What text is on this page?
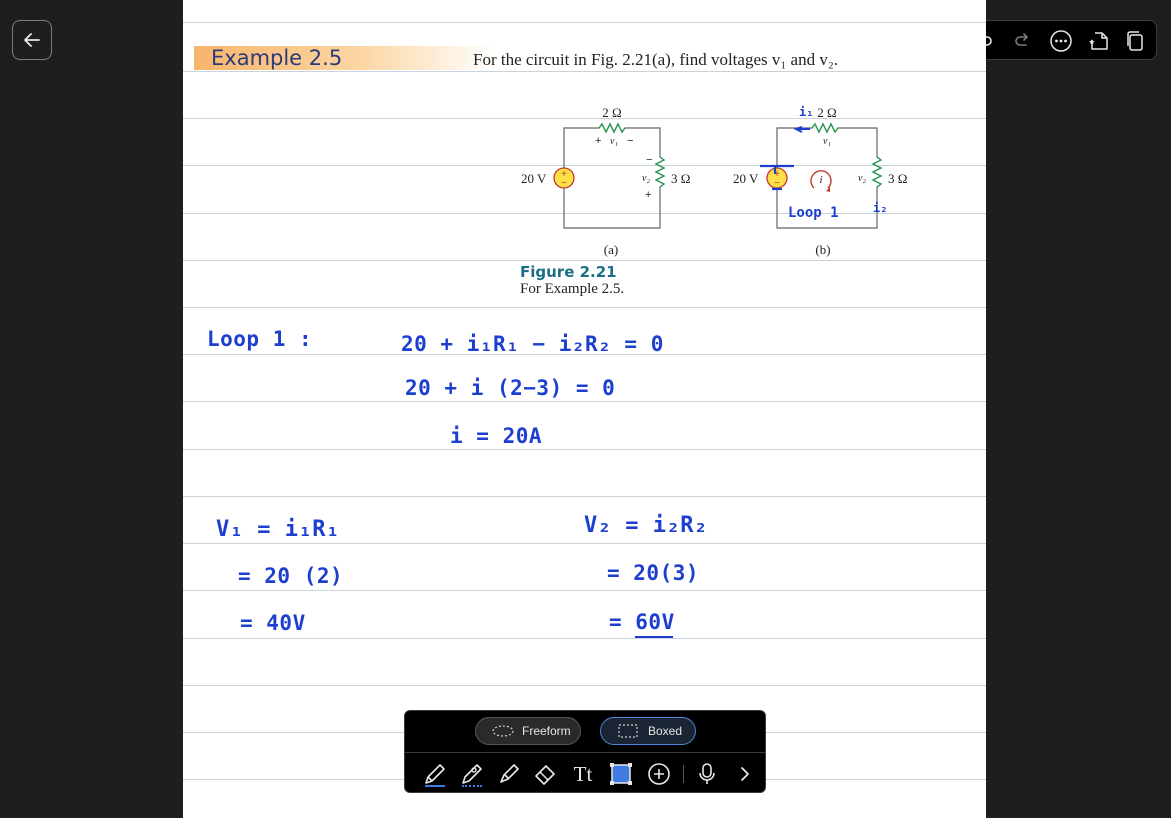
Example 2.5	For the circuit in Fig. 2.21(a), find voltages v₁ and v₂.
20 V +
−
2 Ω
+ v₁ −
−
v₂
+
3 Ω
(a)
20 V +
−	i
2 Ω
v₁
v₂ 3 Ω
i₁
i₂
Loop 1
(b)
Figure 2.21
For Example 2.5.
Loop 1 :	20 + i₁R₁ − i₂R₂ = 0
20 + i (2−3) = 0
i = 20A
V₁ = i₁R₁
= 20 (2)
= 40V
V₂ = i₂R₂
= 20(3)
= 60V
Freeform	Boxed
Tt
